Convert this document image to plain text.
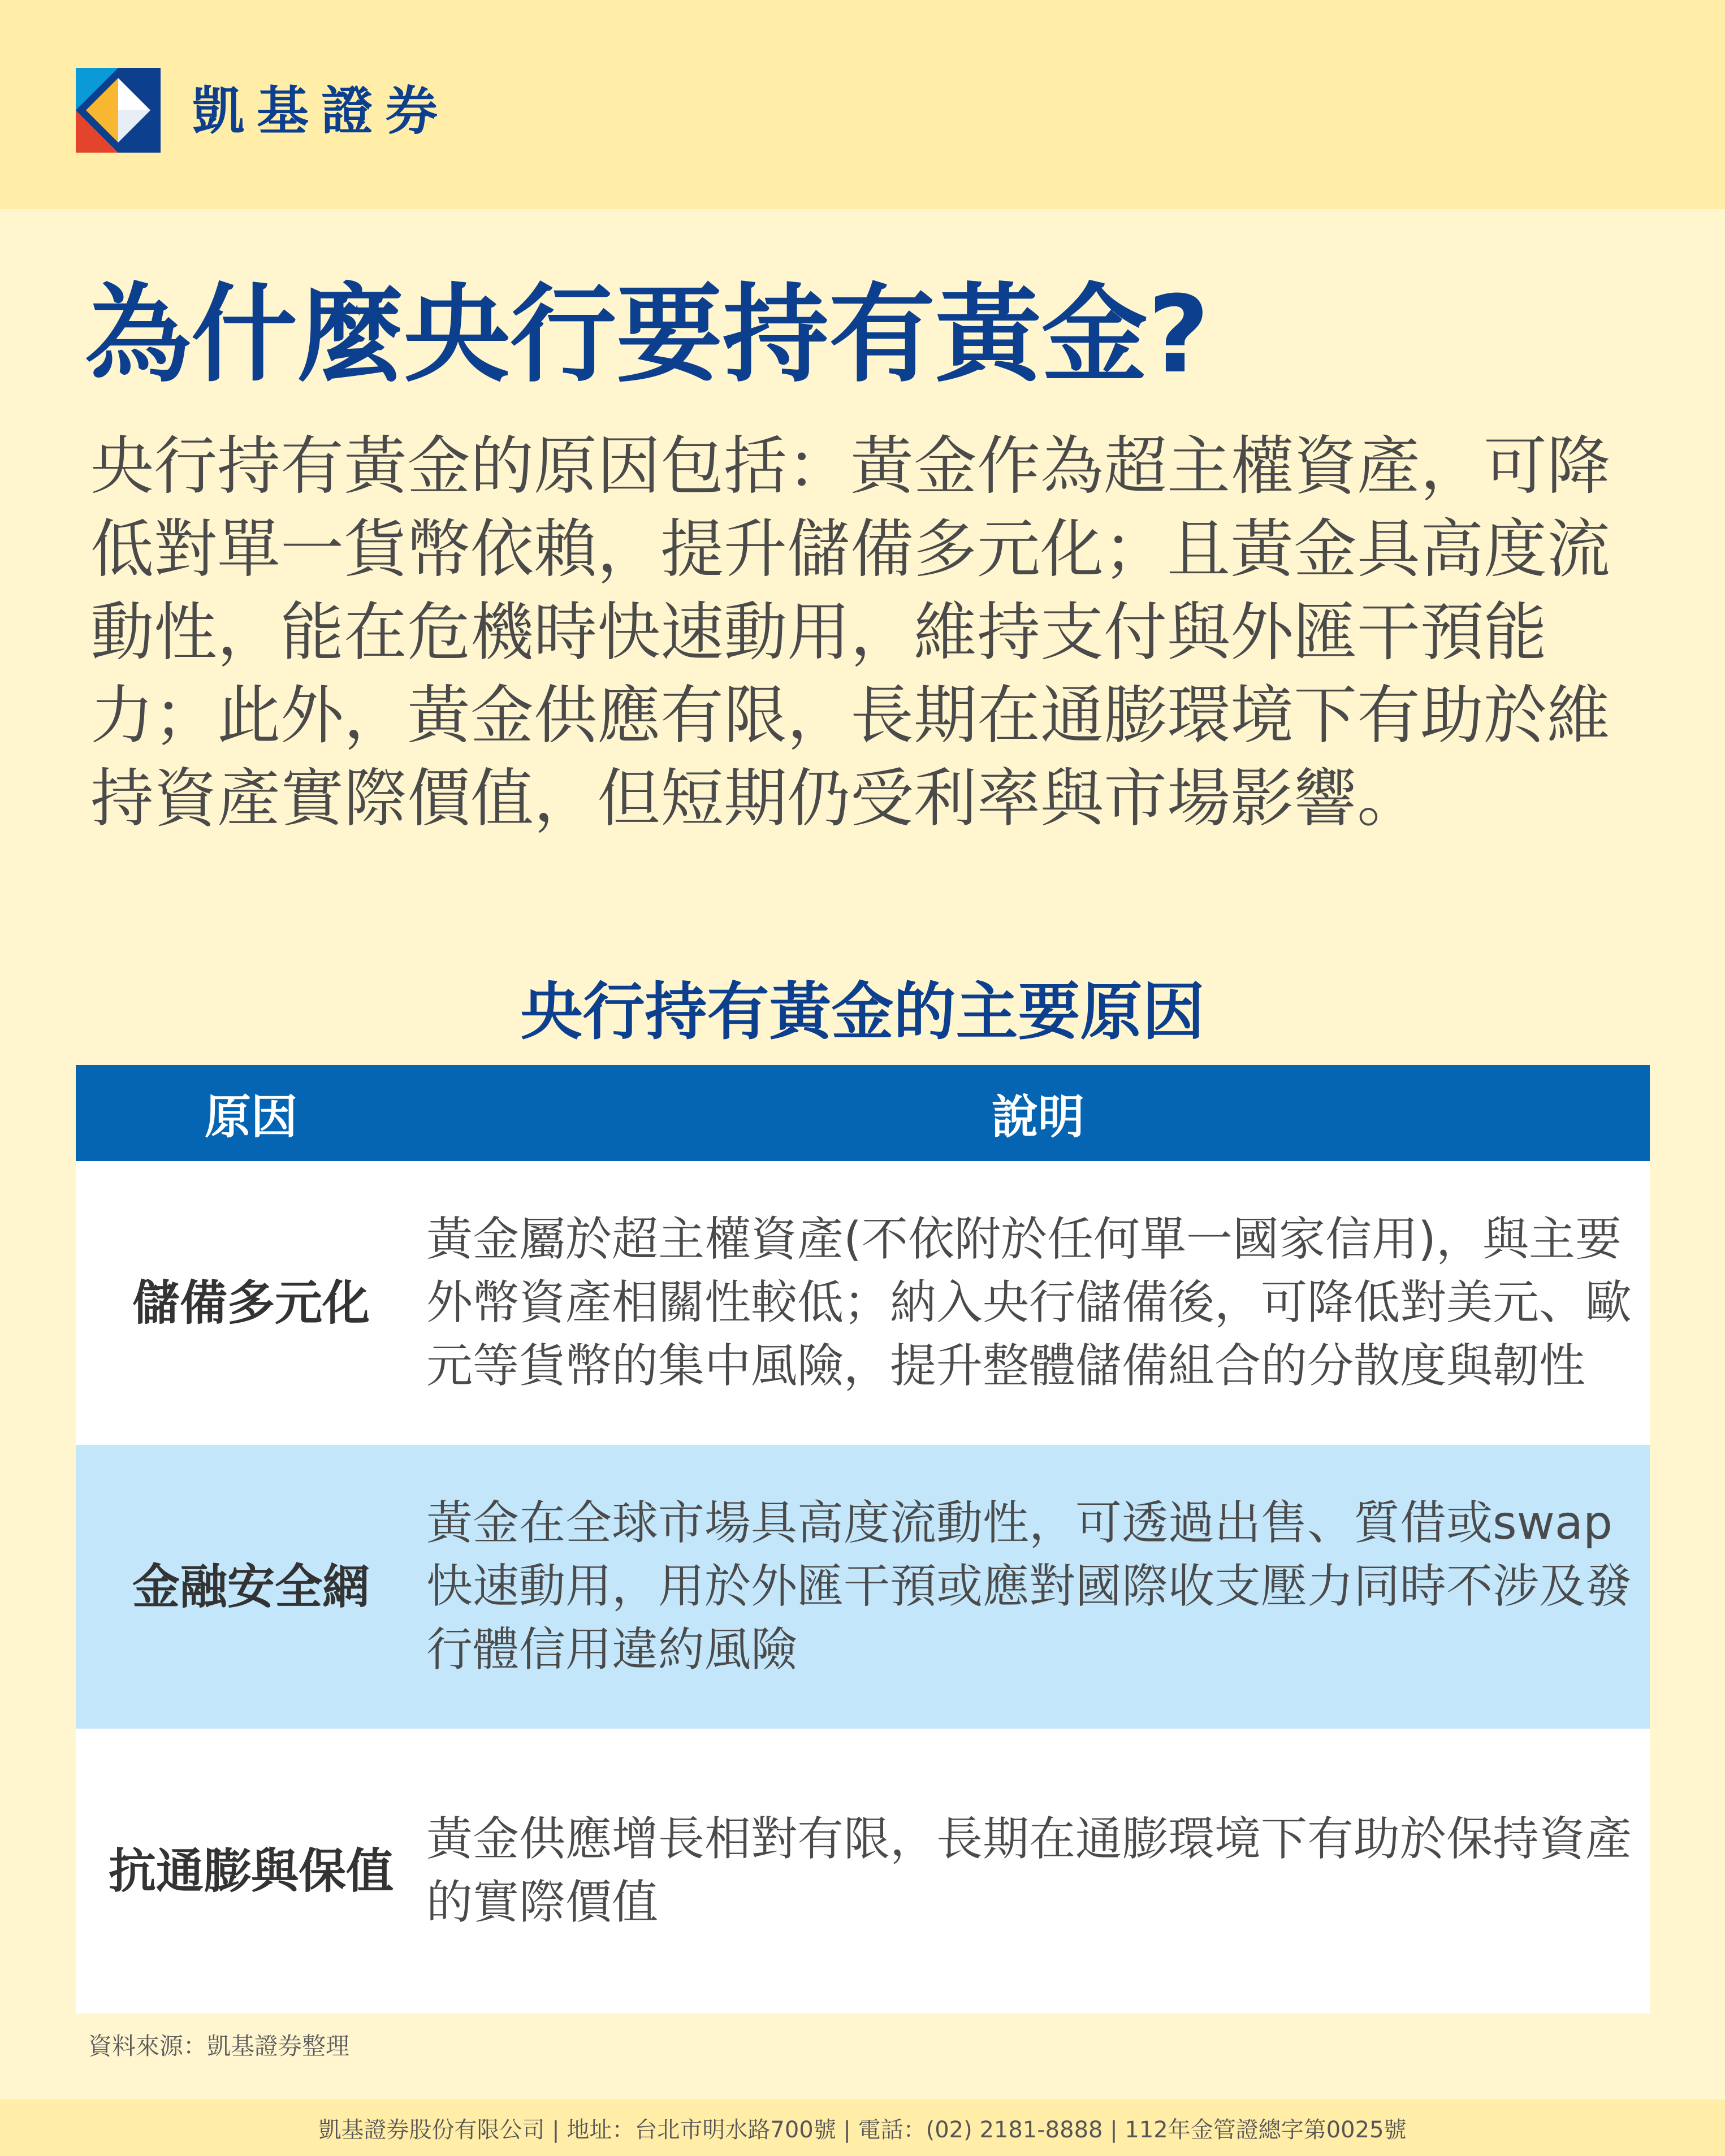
凱基證券
為什麼央行要持有黃金?

央行持有黃金的原因包括：黃金作為超主權資產，可降低對單一貨幣依賴，提升儲備多元化；且黃金具高度流動性，能在危機時快速動用，維持支付與外匯干預能力；此外，黃金供應有限，長期在通膨環境下有助於維持資產實際價值，但短期仍受利率與市場影響。

央行持有黃金的主要原因
原因	說明
儲備多元化
黃金屬於超主權資產(不依附於任何單一國家信用)，與主要外幣資產相關性較低；納入央行儲備後，可降低對美元、歐元等貨幣的集中風險，提升整體儲備組合的分散度與韌性
金融安全網
黃金在全球市場具高度流動性，可透過出售、質借或swap快速動用，用於外匯干預或應對國際收支壓力同時不涉及發行體信用違約風險
抗通膨與保值
黃金供應增長相對有限，長期在通膨環境下有助於保持資產的實際價值
資料來源：凱基證券整理
凱基證券股份有限公司 | 地址：台北市明水路700號 | 電話：(02) 2181-8888 | 112年金管證總字第0025號
